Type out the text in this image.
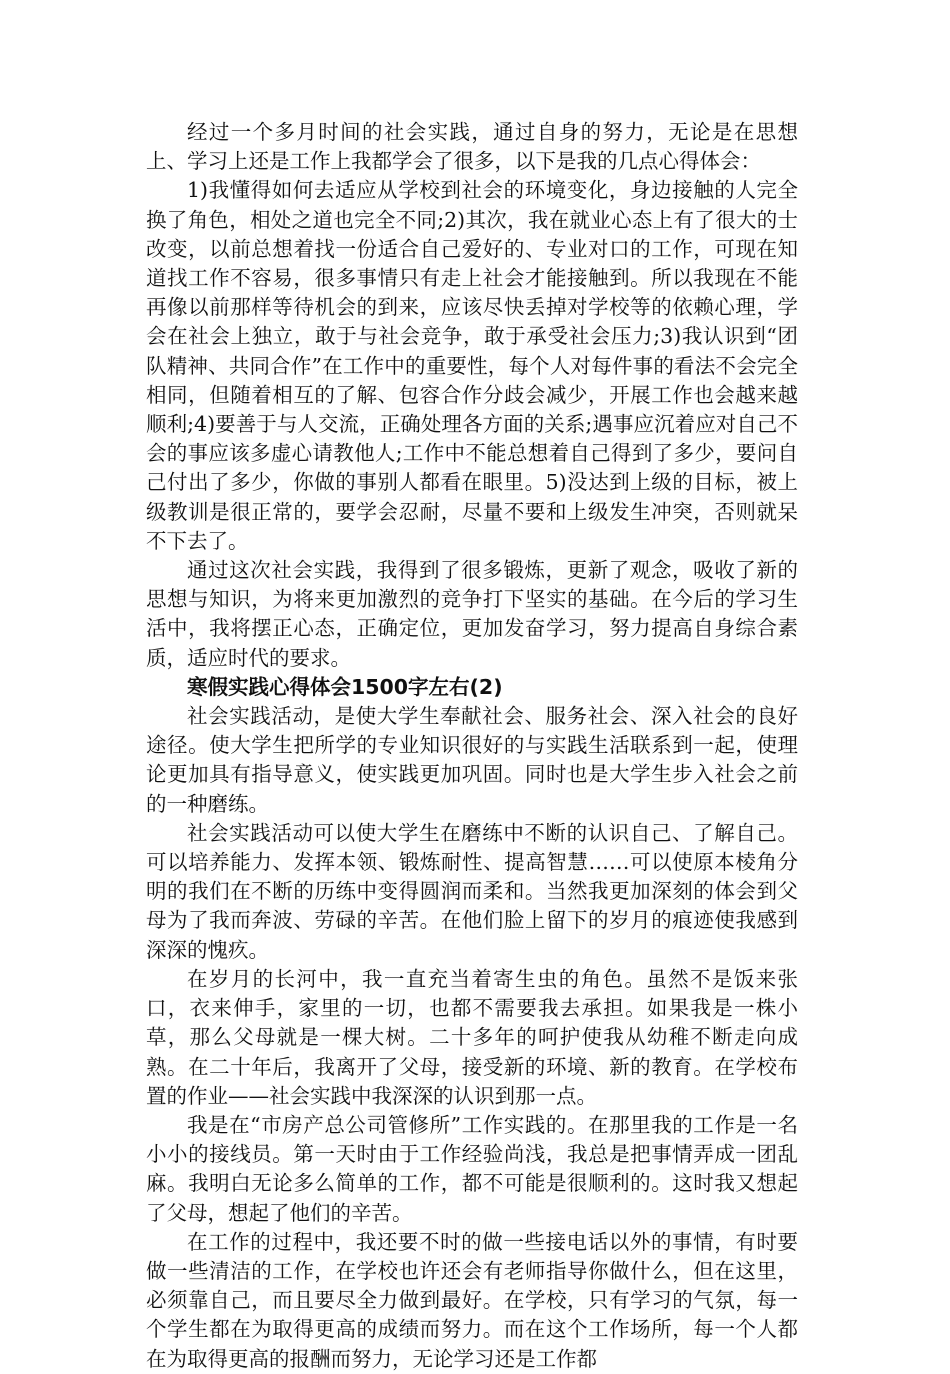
经过一个多月时间的社会实践，通过自身的努力，无论是在思想上、学习上还是工作上我都学会了很多，以下是我的几点心得体会：

1)我懂得如何去适应从学校到社会的环境变化，身边接触的人完全换了角色，相处之道也完全不同;2)其次，我在就业心态上有了很大的士改变，以前总想着找一份适合自己爱好的、专业对口的工作，可现在知道找工作不容易，很多事情只有走上社会才能接触到。所以我现在不能再像以前那样等待机会的到来，应该尽快丢掉对学校等的依赖心理，学会在社会上独立，敢于与社会竞争，敢于承受社会压力;3)我认识到“团队精神、共同合作”在工作中的重要性，每个人对每件事的看法不会完全相同，但随着相互的了解、包容合作分歧会减少，开展工作也会越来越顺利;4)要善于与人交流，正确处理各方面的关系;遇事应沉着应对自己不会的事应该多虚心请教他人;工作中不能总想着自己得到了多少，要问自己付出了多少，你做的事别人都看在眼里。5)没达到上级的目标，被上级教训是很正常的，要学会忍耐，尽量不要和上级发生冲突，否则就呆不下去了。

通过这次社会实践，我得到了很多锻炼，更新了观念，吸收了新的思想与知识，为将来更加激烈的竞争打下坚实的基础。在今后的学习生活中，我将摆正心态，正确定位，更加发奋学习，努力提高自身综合素质，适应时代的要求。

寒假实践心得体会1500字左右(2)

社会实践活动，是使大学生奉献社会、服务社会、深入社会的良好途径。使大学生把所学的专业知识很好的与实践生活联系到一起，使理论更加具有指导意义，使实践更加巩固。同时也是大学生步入社会之前的一种磨练。

社会实践活动可以使大学生在磨练中不断的认识自己、了解自己。可以培养能力、发挥本领、锻炼耐性、提高智慧……可以使原本棱角分明的我们在不断的历练中变得圆润而柔和。当然我更加深刻的体会到父母为了我而奔波、劳碌的辛苦。在他们脸上留下的岁月的痕迹使我感到深深的愧疚。

在岁月的长河中，我一直充当着寄生虫的角色。虽然不是饭来张口，衣来伸手，家里的一切，也都不需要我去承担。如果我是一株小草，那么父母就是一棵大树。二十多年的呵护使我从幼稚不断走向成熟。在二十年后，我离开了父母，接受新的环境、新的教育。在学校布置的作业——社会实践中我深深的认识到那一点。

我是在“市房产总公司管修所”工作实践的。在那里我的工作是一名小小的接线员。第一天时由于工作经验尚浅，我总是把事情弄成一团乱麻。我明白无论多么简单的工作，都不可能是很顺利的。这时我又想起了父母，想起了他们的辛苦。

在工作的过程中，我还要不时的做一些接电话以外的事情，有时要做一些清洁的工作，在学校也许还会有老师指导你做什么，但在这里，必须靠自己，而且要尽全力做到最好。在学校，只有学习的气氛，每一个学生都在为取得更高的成绩而努力。而在这个工作场所，每一个人都在为取得更高的报酬而努力，无论学习还是工作都
